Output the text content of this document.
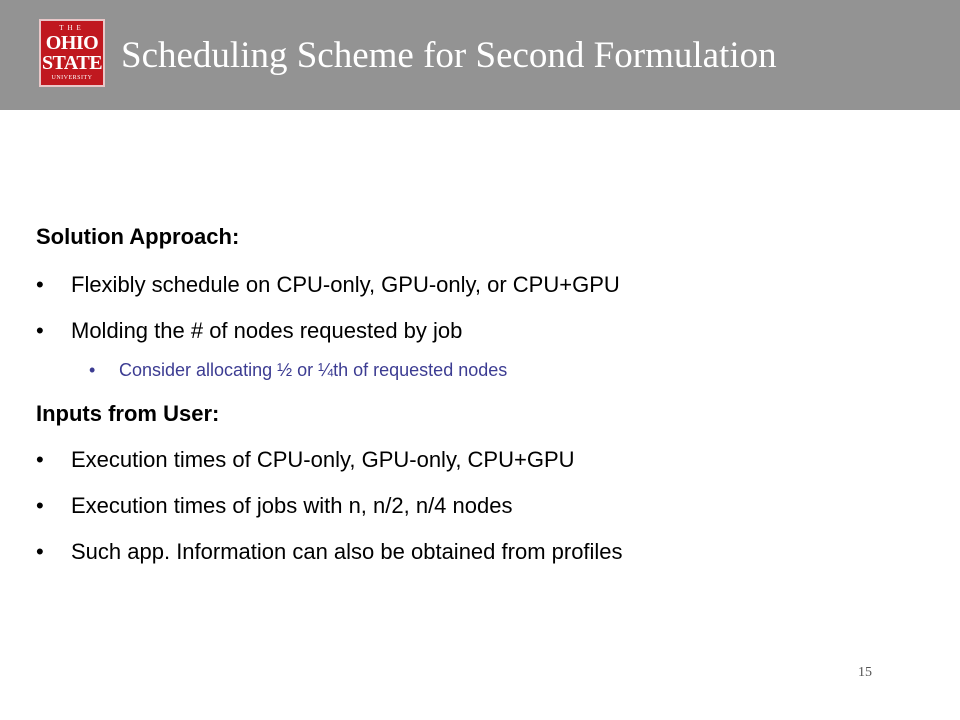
THE
OHIO
STATE
UNIVERSITY
Scheduling Scheme for Second Formulation
Solution Approach:
• Flexibly schedule on CPU-only, GPU-only, or CPU+GPU
• Molding the # of nodes requested by job
• Consider allocating ½ or ¼th of requested nodes
Inputs from User:
• Execution times of CPU-only, GPU-only, CPU+GPU
• Execution times of jobs with n, n/2, n/4 nodes
• Such app. Information can also be obtained from profiles
15
